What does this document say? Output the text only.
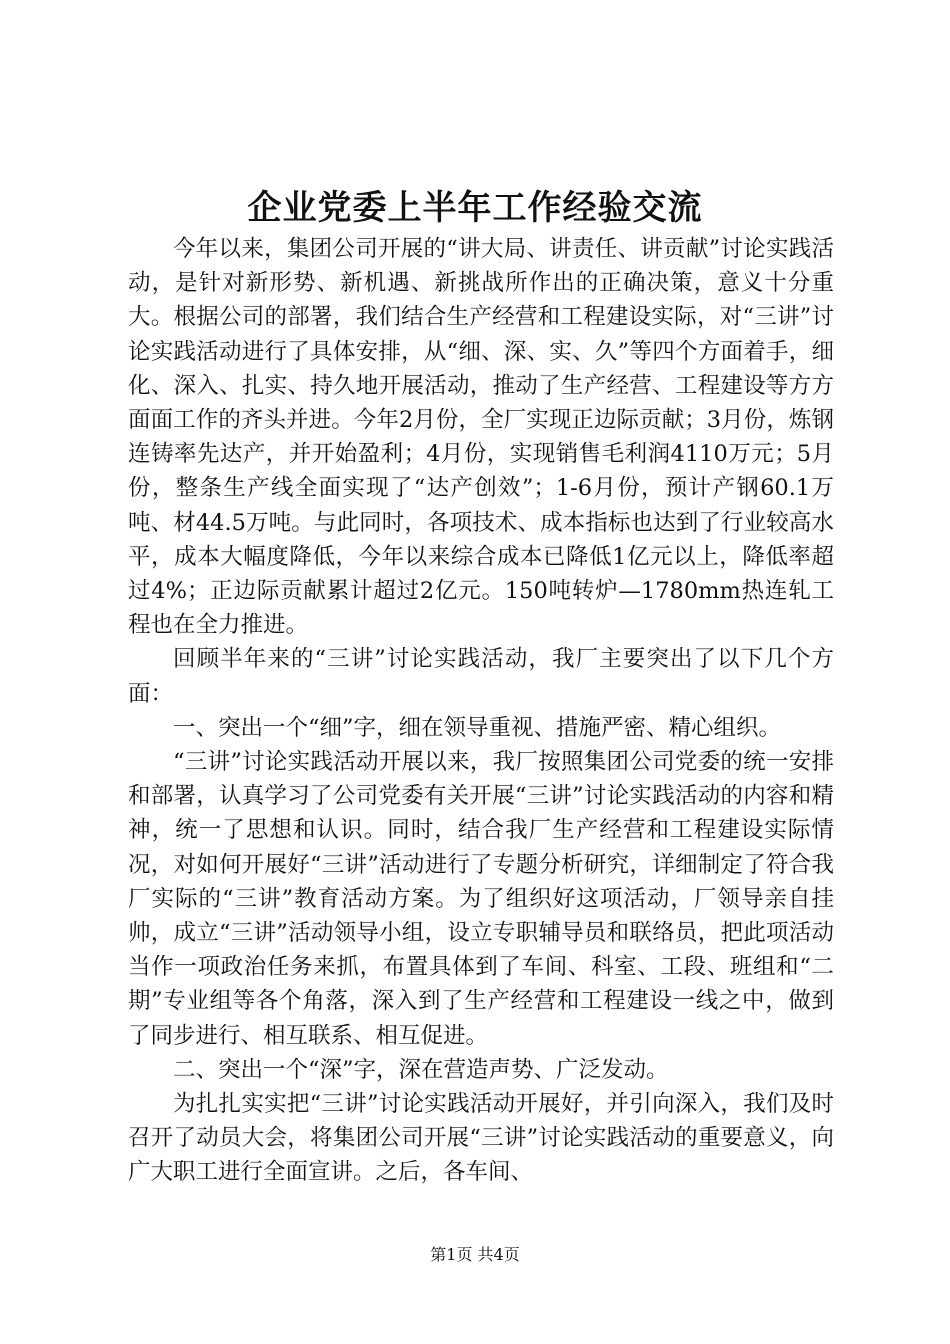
企业党委上半年工作经验交流

今年以来，集团公司开展的“讲大局、讲责任、讲贡献”讨论实践活动，是针对新形势、新机遇、新挑战所作出的正确决策，意义十分重大。根据公司的部署，我们结合生产经营和工程建设实际，对“三讲”讨论实践活动进行了具体安排，从“细、深、实、久”等四个方面着手，细化、深入、扎实、持久地开展活动，推动了生产经营、工程建设等方方面面工作的齐头并进。今年2月份，全厂实现正边际贡献；3月份，炼钢连铸率先达产，并开始盈利；4月份，实现销售毛利润4110万元；5月份，整条生产线全面实现了“达产创效”；1-6月份，预计产钢60.1万吨、材44.5万吨。与此同时，各项技术、成本指标也达到了行业较高水平，成本大幅度降低，今年以来综合成本已降低1亿元以上，降低率超过4%；正边际贡献累计超过2亿元。150吨转炉—1780mm热连轧工程也在全力推进。

回顾半年来的“三讲”讨论实践活动，我厂主要突出了以下几个方面：

一、突出一个“细”字，细在领导重视、措施严密、精心组织。

“三讲”讨论实践活动开展以来，我厂按照集团公司党委的统一安排和部署，认真学习了公司党委有关开展“三讲”讨论实践活动的内容和精神，统一了思想和认识。同时，结合我厂生产经营和工程建设实际情况，对如何开展好“三讲”活动进行了专题分析研究，详细制定了符合我厂实际的“三讲”教育活动方案。为了组织好这项活动，厂领导亲自挂帅，成立“三讲”活动领导小组，设立专职辅导员和联络员，把此项活动当作一项政治任务来抓，布置具体到了车间、科室、工段、班组和“二期”专业组等各个角落，深入到了生产经营和工程建设一线之中，做到了同步进行、相互联系、相互促进。

二、突出一个“深”字，深在营造声势、广泛发动。

为扎扎实实把“三讲”讨论实践活动开展好，并引向深入，我们及时召开了动员大会，将集团公司开展“三讲”讨论实践活动的重要意义，向广大职工进行全面宣讲。之后，各车间、

第1页 共4页
